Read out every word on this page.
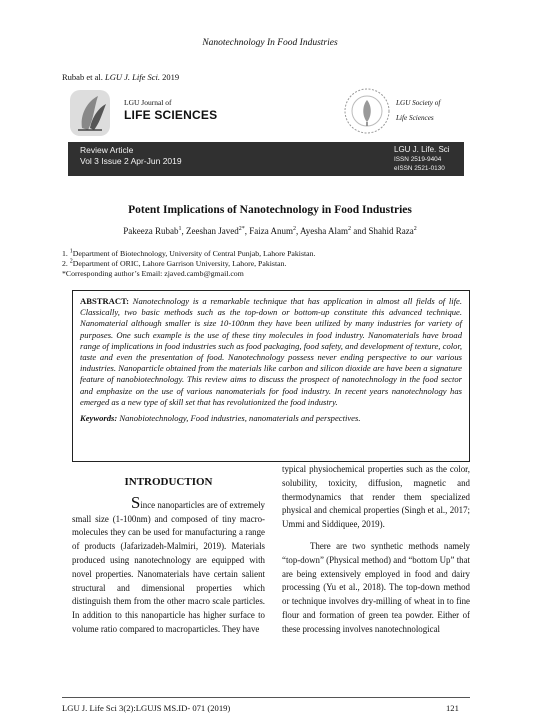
Nanotechnology In Food Industries
Rubab et al. LGU J. Life Sci. 2019
LGU Journal of
LIFE SCIENCES
LGU Society of
Life Sciences
Review Article
Vol 3 Issue 2 Apr-Jun 2019
LGU J. Life. Sci
ISSN 2519-9404
eISSN 2521-0130
Potent Implications of Nanotechnology in Food Industries
Pakeeza Rubab$^1$, Zeeshan Javed$^{2*}$, Faiza Anum$^2$, Ayesha Alam$^2$ and Shahid Raza$^2$
1. $^1$Department of Biotechnology, University of Central Punjab, Lahore Pakistan.
2. $^2$Department of ORIC, Lahore Garrison University, Lahore, Pakistan.
*Corresponding author’s Email: zjaved.camb@gmail.com
ABSTRACT: Nanotechnology is a remarkable technique that has application in almost all fields of life. Classically, two basic methods such as the top-down or bottom-up constitute this advanced technique. Nanomaterial although smaller is size 10-100nm they have been utilized by many industries for variety of purposes. One such example is the use of these tiny molecules in food industry. Nanomaterials have broad range of implications in food industries such as food packaging, food safety, and development of texture, color, taste and even the presentation of food. Nanotechnology possess never ending perspective to our various industries. Nanoparticle obtained from the materials like carbon and silicon dioxide are have been a signature feature of nanobiotechnology. This review aims to discuss the prospect of nanotechnology in the food sector and emphasize on the use of various nanomaterials for food industry. In recent years nanotechnology has emerged as a new type of skill set that has revolutionized the food industry.
Keywords: Nanobiotechnology, Food industries, nanomaterials and perspectives.
INTRODUCTION
Since nanoparticles are of extremely
small size (1-100nm) and composed of tiny macro-molecules they can be used for manufacturing a range of products (Jafarizadeh-Malmiri, 2019). Materials produced using nanotechnology are equipped with novel properties. Nanomaterials have certain salient structural and dimensional properties which distinguish them from the other macro scale particles. In addition to this nanoparticle has higher surface to volume ratio compared to macroparticles. They have
typical physiochemical properties such as the color, solubility, toxicity, diffusion, magnetic and thermodynamics that render them specialized physical and chemical properties (Singh et al., 2017; Ummi and Siddiquee, 2019).
There are two synthetic methods namely “top-down” (Physical method) and “bottom Up” that are being extensively employed in food and dairy processing (Yu et al., 2018). The top-down method or technique involves dry-milling of wheat in to fine flour and formation of green tea powder. Either of these processing involves nanotechnological
LGU J. Life Sci 3(2):LGUJS MS.ID- 071 (2019)	121
